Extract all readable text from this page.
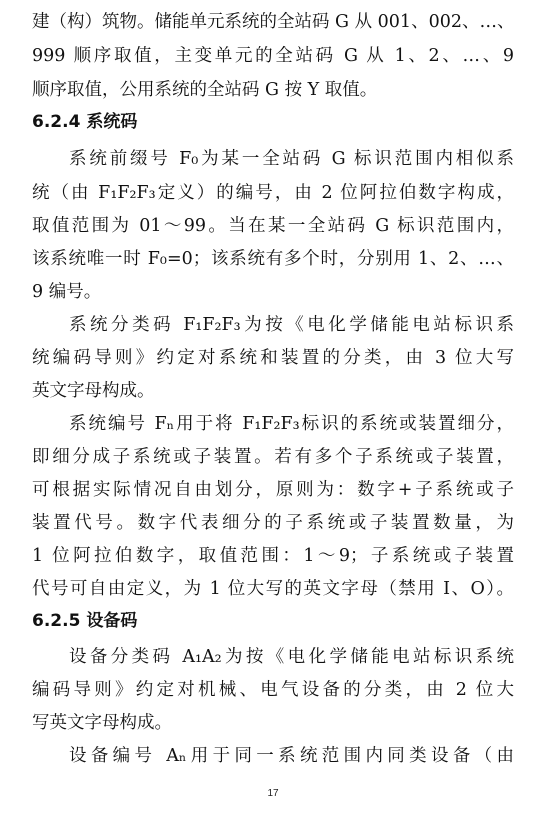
建（构）筑物。储能单元系统的全站码 G 从 001、002、…、
999 顺序取值，主变单元的全站码 G 从 1、2、…、9
顺序取值，公用系统的全站码 G 按 Y 取值。
6.2.4 系统码
系统前缀号 F₀为某一全站码 G 标识范围内相似系
统（由 F₁F₂F₃定义）的编号，由 2 位阿拉伯数字构成，
取值范围为 01～99。当在某一全站码 G 标识范围内，
该系统唯一时 F₀=0；该系统有多个时，分别用 1、2、…、
9 编号。
系统分类码 F₁F₂F₃为按《电化学储能电站标识系
统编码导则》约定对系统和装置的分类，由 3 位大写
英文字母构成。
系统编号 Fₙ用于将 F₁F₂F₃标识的系统或装置细分，
即细分成子系统或子装置。若有多个子系统或子装置，
可根据实际情况自由划分，原则为：数字+子系统或子
装置代号。数字代表细分的子系统或子装置数量，为
1 位阿拉伯数字，取值范围：1～9；子系统或子装置
代号可自由定义，为 1 位大写的英文字母（禁用 I、O）。
6.2.5 设备码
设备分类码 A₁A₂为按《电化学储能电站标识系统
编码导则》约定对机械、电气设备的分类，由 2 位大
写英文字母构成。
设备编号 Aₙ用于同一系统范围内同类设备（由
17
